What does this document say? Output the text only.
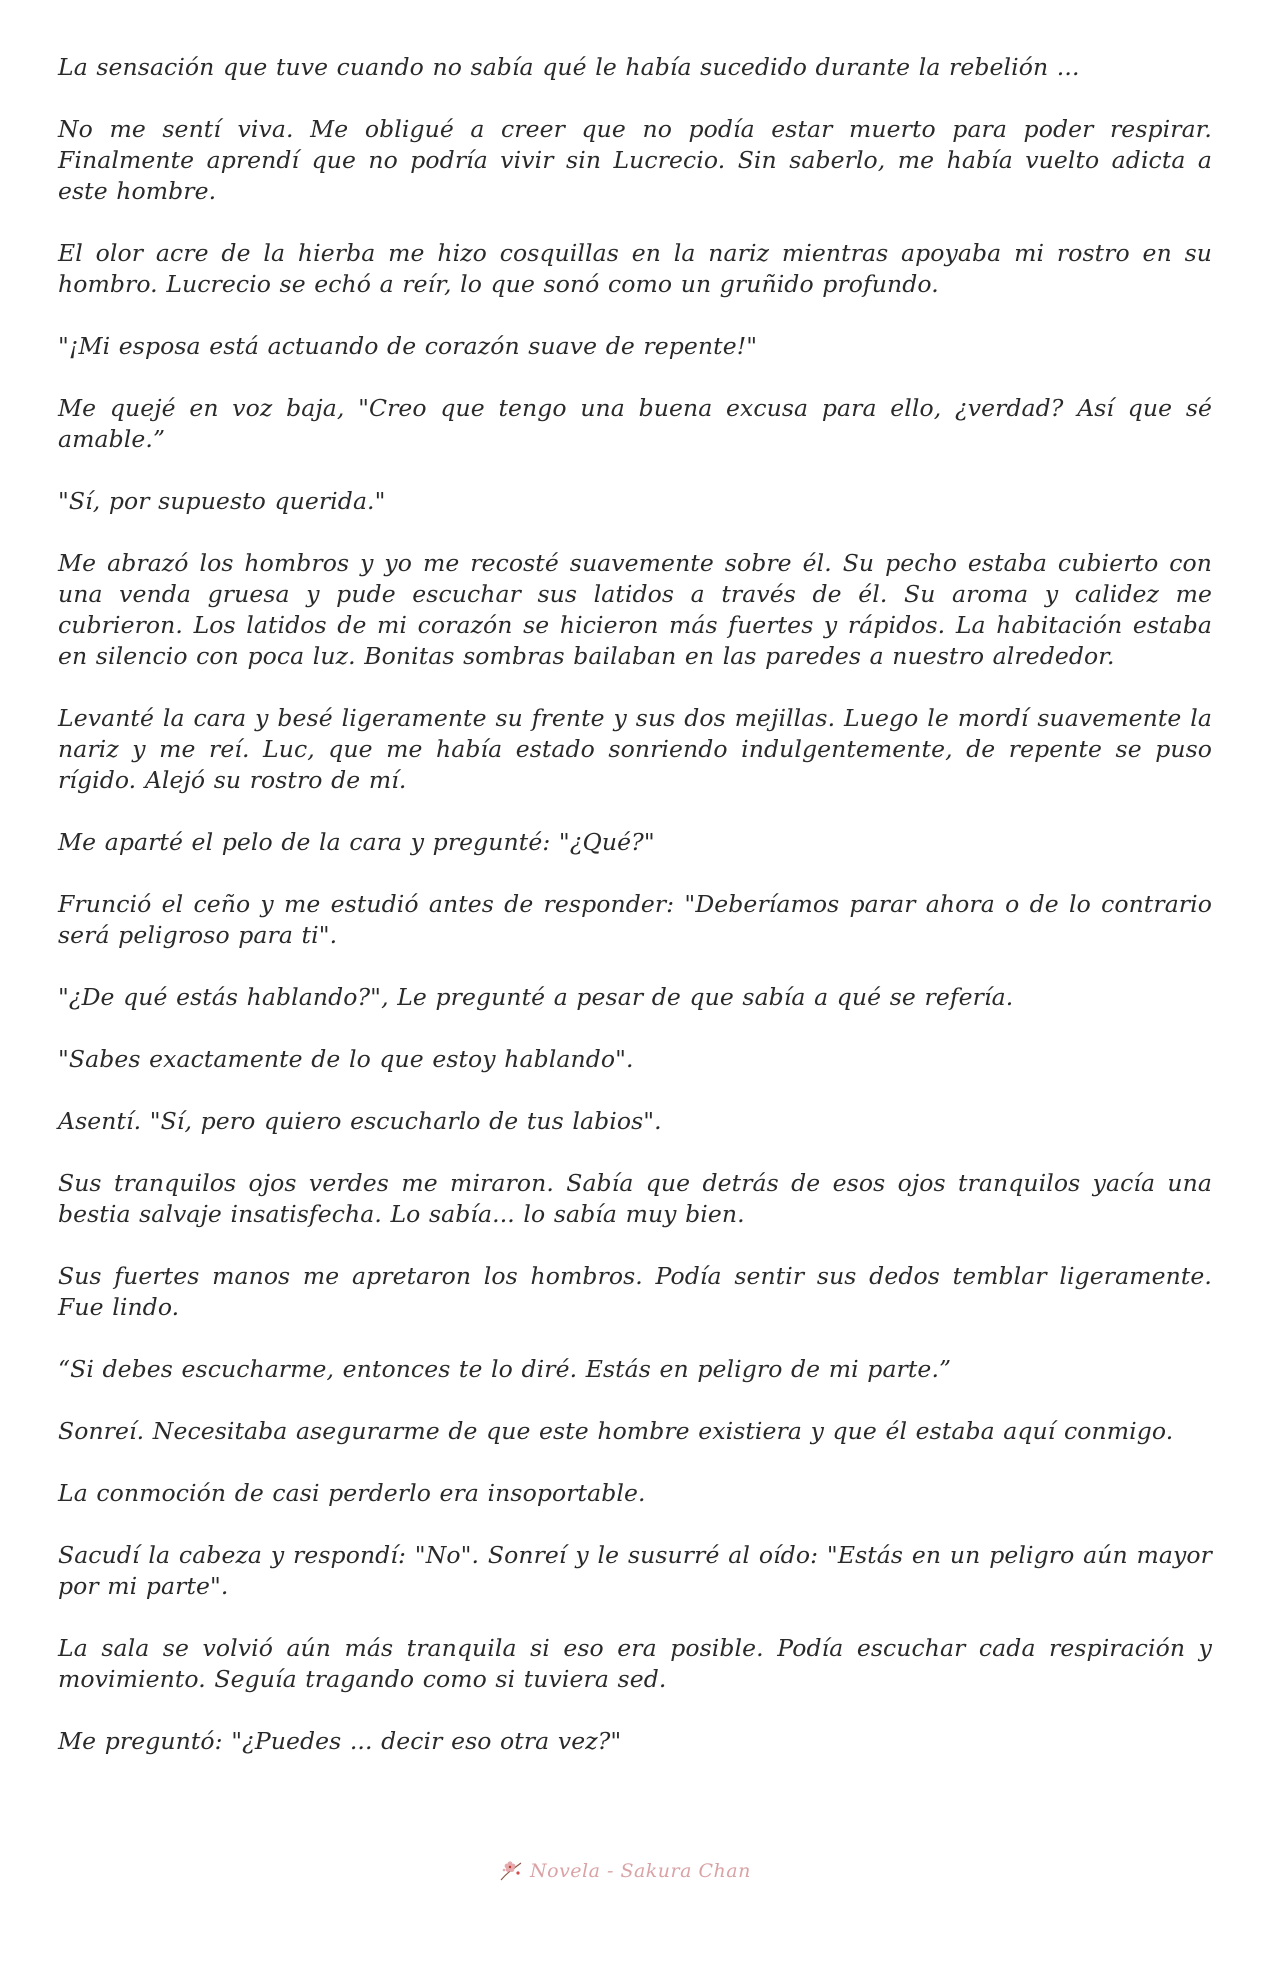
La sensación que tuve cuando no sabía qué le había sucedido durante la rebelión ...

No me sentí viva. Me obligué a creer que no podía estar muerto para poder respirar. Finalmente aprendí que no podría vivir sin Lucrecio. Sin saberlo, me había vuelto adicta a este hombre.

El olor acre de la hierba me hizo cosquillas en la nariz mientras apoyaba mi rostro en su hombro. Lucrecio se echó a reír, lo que sonó como un gruñido profundo.

"¡Mi esposa está actuando de corazón suave de repente!"

Me quejé en voz baja, "Creo que tengo una buena excusa para ello, ¿verdad? Así que sé amable.”

"Sí, por supuesto querida."

Me abrazó los hombros y yo me recosté suavemente sobre él. Su pecho estaba cubierto con una venda gruesa y pude escuchar sus latidos a través de él. Su aroma y calidez me cubrieron. Los latidos de mi corazón se hicieron más fuertes y rápidos. La habitación estaba en silencio con poca luz. Bonitas sombras bailaban en las paredes a nuestro alrededor.

Levanté la cara y besé ligeramente su frente y sus dos mejillas. Luego le mordí suavemente la nariz y me reí. Luc, que me había estado sonriendo indulgentemente, de repente se puso rígido. Alejó su rostro de mí.

Me aparté el pelo de la cara y pregunté: "¿Qué?"

Frunció el ceño y me estudió antes de responder: "Deberíamos parar ahora o de lo contrario será peligroso para ti".

"¿De qué estás hablando?", Le pregunté a pesar de que sabía a qué se refería.

"Sabes exactamente de lo que estoy hablando".

Asentí. "Sí, pero quiero escucharlo de tus labios".

Sus tranquilos ojos verdes me miraron. Sabía que detrás de esos ojos tranquilos yacía una bestia salvaje insatisfecha. Lo sabía... lo sabía muy bien.

Sus fuertes manos me apretaron los hombros. Podía sentir sus dedos temblar ligeramente. Fue lindo.

“Si debes escucharme, entonces te lo diré. Estás en peligro de mi parte.”

Sonreí. Necesitaba asegurarme de que este hombre existiera y que él estaba aquí conmigo.

La conmoción de casi perderlo era insoportable.

Sacudí la cabeza y respondí: "No". Sonreí y le susurré al oído: "Estás en un peligro aún mayor por mi parte".

La sala se volvió aún más tranquila si eso era posible. Podía escuchar cada respiración y movimiento. Seguía tragando como si tuviera sed.

Me preguntó: "¿Puedes ... decir eso otra vez?"

Novela - Sakura Chan
